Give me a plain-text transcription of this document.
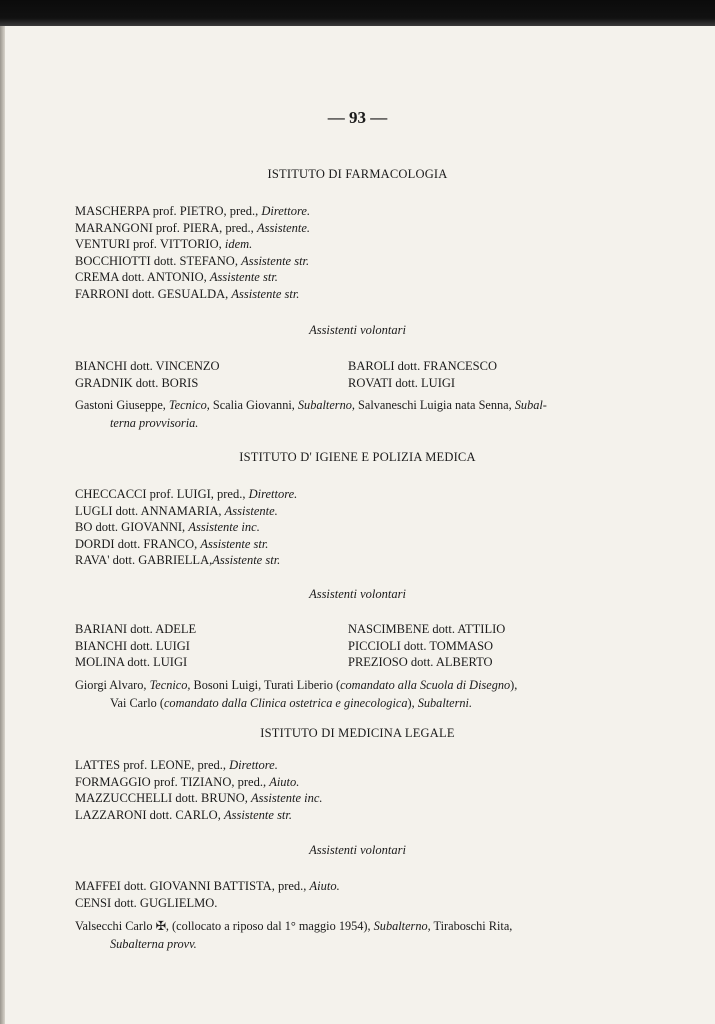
— 93 —
ISTITUTO DI FARMACOLOGIA
MASCHERPA prof. PIETRO, pred., Direttore.
MARANGONI prof. PIERA, pred., Assistente.
VENTURI prof. VITTORIO, idem.
BOCCHIOTTI dott. STEFANO, Assistente str.
CREMA dott. ANTONIO, Assistente str.
FARRONI dott. GESUALDA, Assistente str.
Assistenti volontari
BIANCHI dott. VINCENZO	BAROLI dott. FRANCESCO
GRADNIK dott. BORIS	ROVATI dott. LUIGI

Gastoni Giuseppe, Tecnico, Scalia Giovanni, Subalterno, Salvaneschi Luigia nata Senna, Subal-

terna provvisoria.

ISTITUTO D' IGIENE E POLIZIA MEDICA
CHECCACCI prof. LUIGI, pred., Direttore.
LUGLI dott. ANNAMARIA, Assistente.
BO dott. GIOVANNI, Assistente inc.
DORDI dott. FRANCO, Assistente str.
RAVA' dott. GABRIELLA,Assistente str.
Assistenti volontari
BARIANI dott. ADELE	NASCIMBENE dott. ATTILIO
BIANCHI dott. LUIGI	PICCIOLI dott. TOMMASO
MOLINA dott. LUIGI	PREZIOSO dott. ALBERTO

Giorgi Alvaro, Tecnico, Bosoni Luigi, Turati Liberio (comandato alla Scuola di Disegno),

Vai Carlo (comandato dalla Clinica ostetrica e ginecologica), Subalterni.

ISTITUTO DI MEDICINA LEGALE
LATTES prof. LEONE, pred., Direttore.
FORMAGGIO prof. TIZIANO, pred., Aiuto.
MAZZUCCHELLI dott. BRUNO, Assistente inc.
LAZZARONI dott. CARLO, Assistente str.
Assistenti volontari
MAFFEI dott. GIOVANNI BATTISTA, pred., Aiuto.
CENSI dott. GUGLIELMO.

Valsecchi Carlo ✠, (collocato a riposo dal 1° maggio 1954), Subalterno, Tiraboschi Rita,

Subalterna provv.
